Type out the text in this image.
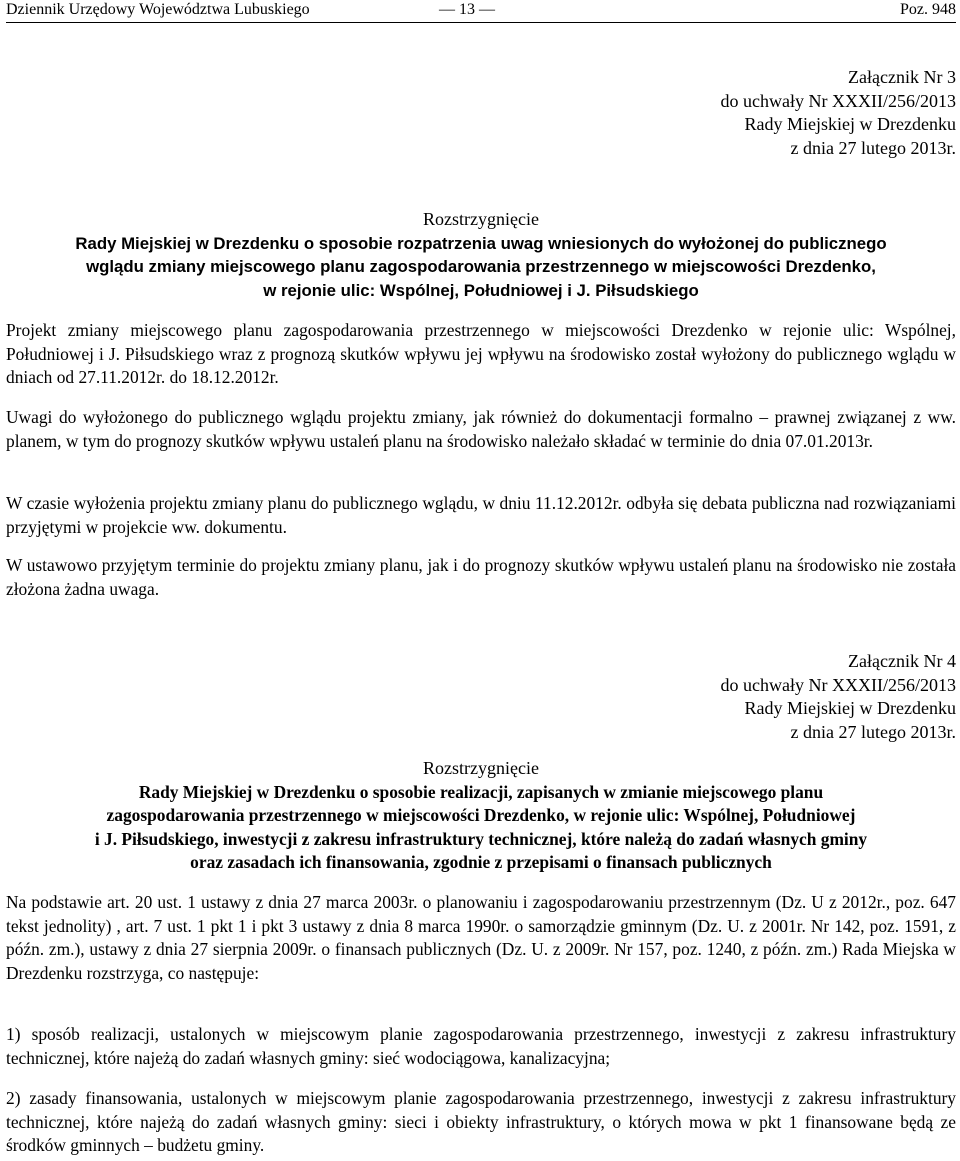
Dziennik Urzędowy Województwa Lubuskiego	— 13 —	Poz. 948
Załącznik Nr 3
do uchwały Nr XXXII/256/2013
Rady Miejskiej w Drezdenku
z dnia 27 lutego 2013r.
Rozstrzygnięcie
Rady Miejskiej w Drezdenku o sposobie rozpatrzenia uwag wniesionych do wyłożonej do publicznego
wglądu zmiany miejscowego planu zagospodarowania przestrzennego w miejscowości Drezdenko,
w rejonie ulic: Wspólnej, Południowej i J. Piłsudskiego

Projekt zmiany miejscowego planu zagospodarowania przestrzennego w miejscowości Drezdenko w rejonie ulic: Wspólnej, Południowej i J. Piłsudskiego wraz z prognozą skutków wpływu jej wpływu na środowisko został wyłożony do publicznego wglądu w dniach od 27.11.2012r. do 18.12.2012r.

Uwagi do wyłożonego do publicznego wglądu projektu zmiany, jak również do dokumentacji formalno – prawnej związanej z ww. planem, w tym do prognozy skutków wpływu ustaleń planu na środowisko należało składać w terminie do dnia 07.01.2013r.

W czasie wyłożenia projektu zmiany planu do publicznego wglądu, w dniu 11.12.2012r. odbyła się debata publiczna nad rozwiązaniami przyjętymi w projekcie ww. dokumentu.

W ustawowo przyjętym terminie do projektu zmiany planu, jak i do prognozy skutków wpływu ustaleń planu na środowisko nie została złożona żadna uwaga.

Załącznik Nr 4
do uchwały Nr XXXII/256/2013
Rady Miejskiej w Drezdenku
z dnia 27 lutego 2013r.
Rozstrzygnięcie
Rady Miejskiej w Drezdenku o sposobie realizacji, zapisanych w zmianie miejscowego planu
zagospodarowania przestrzennego w miejscowości Drezdenko, w rejonie ulic: Wspólnej, Południowej
i J. Piłsudskiego, inwestycji z zakresu infrastruktury technicznej, które należą do zadań własnych gminy
oraz zasadach ich finansowania, zgodnie z przepisami o finansach publicznych

Na podstawie art. 20 ust. 1 ustawy z dnia 27 marca 2003r. o planowaniu i zagospodarowaniu przestrzennym (Dz. U z 2012r., poz. 647 tekst jednolity) , art. 7 ust. 1 pkt 1 i pkt 3 ustawy z dnia 8 marca 1990r. o samorządzie gminnym (Dz. U. z 2001r. Nr 142, poz. 1591, z późn. zm.), ustawy z dnia 27 sierpnia 2009r. o finansach publicznych (Dz. U. z 2009r. Nr 157, poz. 1240, z późn. zm.) Rada Miejska w Drezdenku rozstrzyga, co następuje:

1) sposób realizacji, ustalonych w miejscowym planie zagospodarowania przestrzennego, inwestycji z zakresu infrastruktury technicznej, które najeżą do zadań własnych gminy: sieć wodociągowa, kanalizacyjna;

2) zasady finansowania, ustalonych w miejscowym planie zagospodarowania przestrzennego, inwestycji z zakresu infrastruktury technicznej, które najeżą do zadań własnych gminy: sieci i obiekty infrastruktury, o których mowa w pkt 1 finansowane będą ze środków gminnych – budżetu gminy.
